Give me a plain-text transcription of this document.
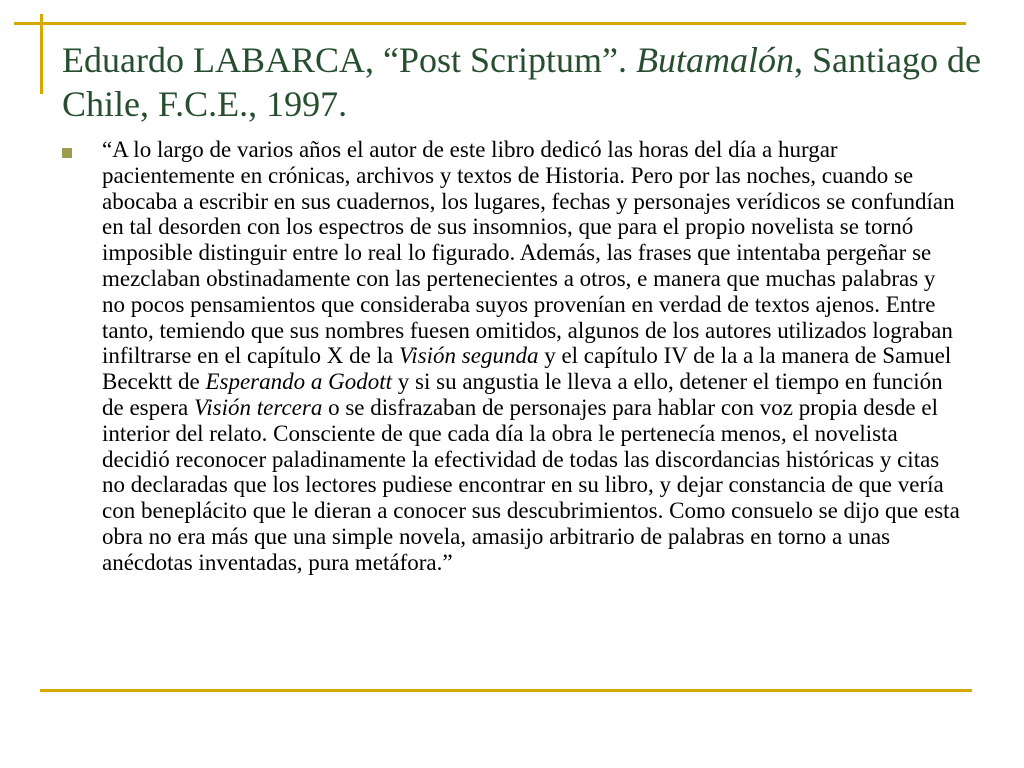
Eduardo LABARCA, “Post Scriptum”. Butamalón, Santiago de Chile, F.C.E., 1997.

“A lo largo de varios años el autor de este libro dedicó las horas del día a hurgar pacientemente en crónicas, archivos y textos de Historia. Pero por las noches, cuando se abocaba a escribir en sus cuadernos, los lugares, fechas y personajes verídicos se confundían en tal desorden con los espectros de sus insomnios, que para el propio novelista se tornó imposible distinguir entre lo real lo figurado. Además, las frases que intentaba pergeñar se mezclaban obstinadamente con las pertenecientes a otros, e manera que muchas palabras y no pocos pensamientos que consideraba suyos provenían en verdad de textos ajenos. Entre tanto, temiendo que sus nombres fuesen omitidos, algunos de los autores utilizados lograban infiltrarse en el capítulo X de la Visión segunda y el capítulo IV de la a la manera de Samuel Becektt de Esperando a Godott y si su angustia le lleva a ello, detener el tiempo en función de espera Visión tercera o se disfrazaban de personajes para hablar con voz propia desde el interior del relato. Consciente de que cada día la obra le pertenecía menos, el novelista decidió reconocer paladinamente la efectividad de todas las discordancias históricas y citas no declaradas que los lectores pudiese encontrar en su libro, y dejar constancia de que vería con beneplácito que le dieran a conocer sus descubrimientos. Como consuelo se dijo que esta obra no era más que una simple novela, amasijo arbitrario de palabras en torno a unas anécdotas inventadas, pura metáfora.”
